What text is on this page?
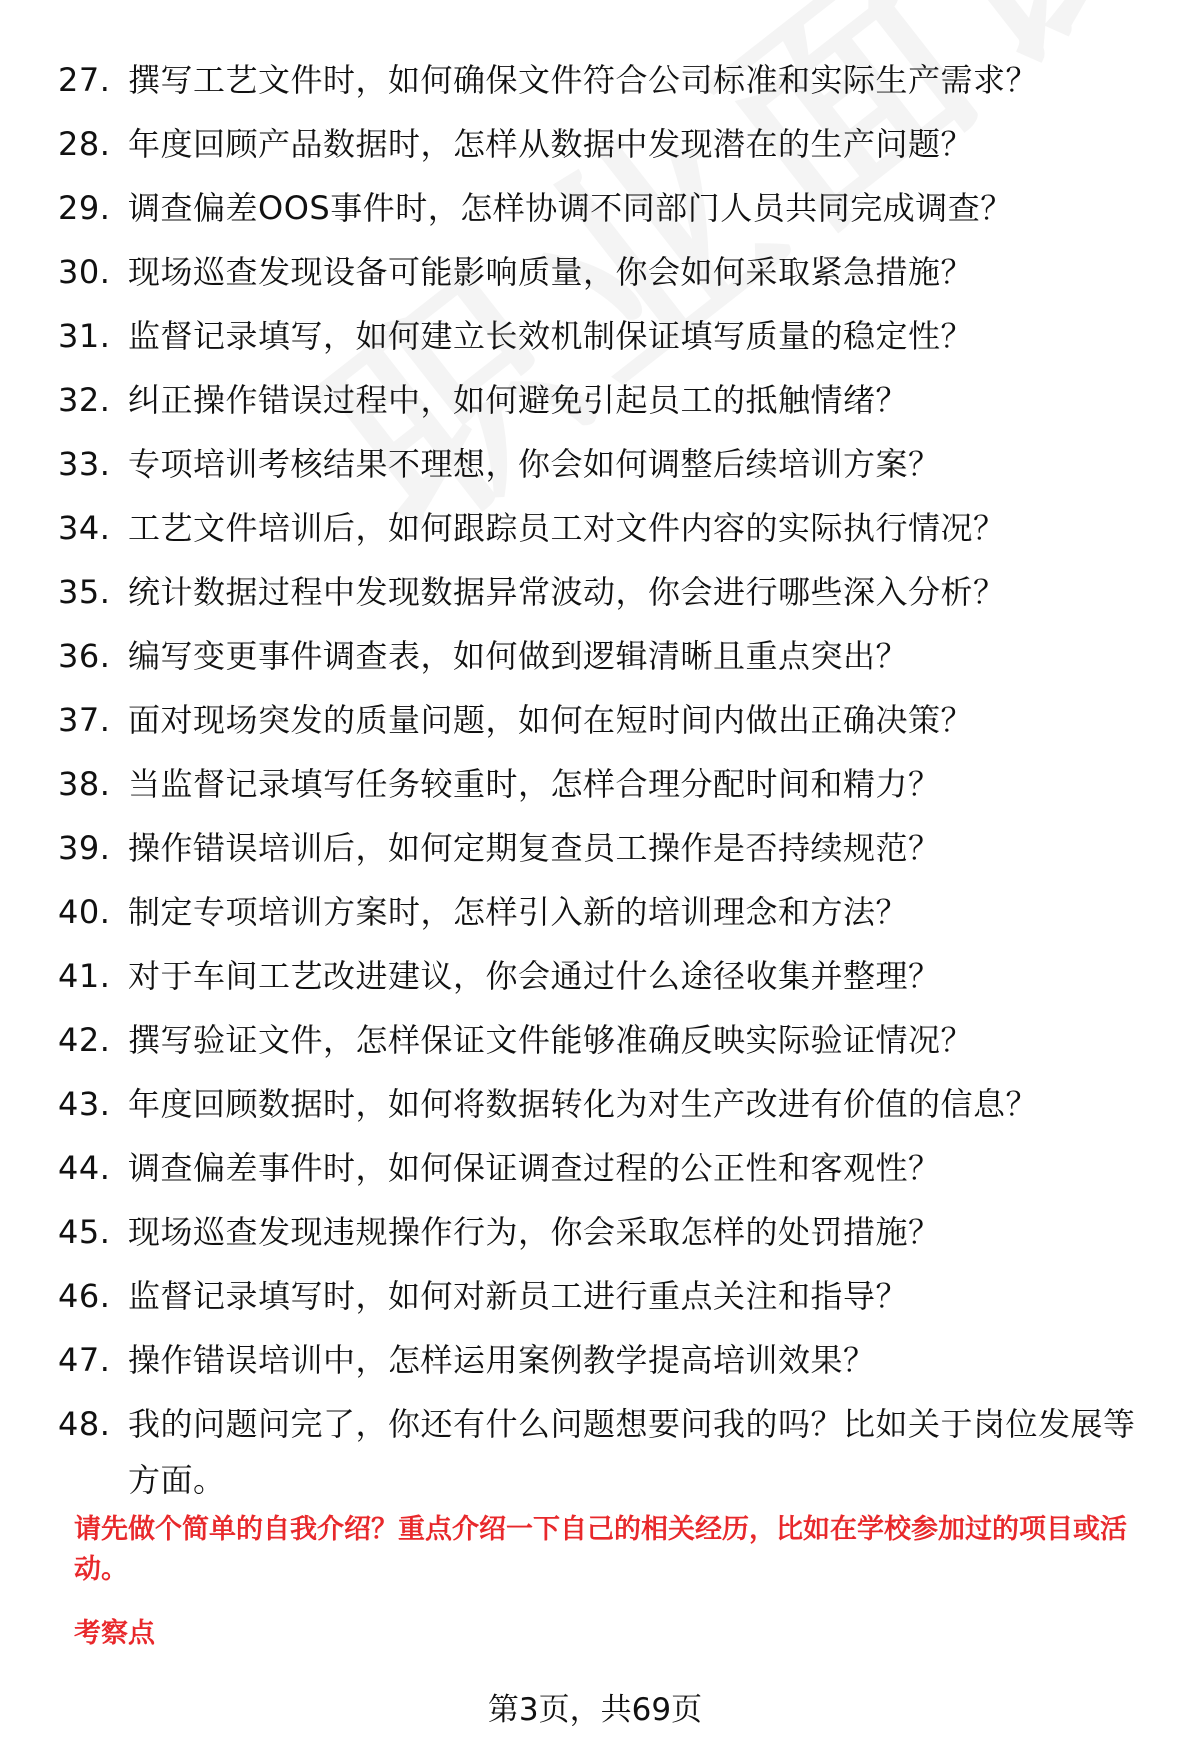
27. 撰写工艺文件时，如何确保文件符合公司标准和实际生产需求？
28. 年度回顾产品数据时，怎样从数据中发现潜在的生产问题？
29. 调查偏差OOS事件时，怎样协调不同部门人员共同完成调查？
30. 现场巡查发现设备可能影响质量，你会如何采取紧急措施？
31. 监督记录填写，如何建立长效机制保证填写质量的稳定性？
32. 纠正操作错误过程中，如何避免引起员工的抵触情绪？
33. 专项培训考核结果不理想，你会如何调整后续培训方案？
34. 工艺文件培训后，如何跟踪员工对文件内容的实际执行情况？
35. 统计数据过程中发现数据异常波动，你会进行哪些深入分析？
36. 编写变更事件调查表，如何做到逻辑清晰且重点突出？
37. 面对现场突发的质量问题，如何在短时间内做出正确决策？
38. 当监督记录填写任务较重时，怎样合理分配时间和精力？
39. 操作错误培训后，如何定期复查员工操作是否持续规范？
40. 制定专项培训方案时，怎样引入新的培训理念和方法？
41. 对于车间工艺改进建议，你会通过什么途径收集并整理？
42. 撰写验证文件，怎样保证文件能够准确反映实际验证情况？
43. 年度回顾数据时，如何将数据转化为对生产改进有价值的信息？
44. 调查偏差事件时，如何保证调查过程的公正性和客观性？
45. 现场巡查发现违规操作行为，你会采取怎样的处罚措施？
46. 监督记录填写时，如何对新员工进行重点关注和指导？
47. 操作错误培训中，怎样运用案例教学提高培训效果？
48. 我的问题问完了，你还有什么问题想要问我的吗？比如关于岗位发展等方面。

请先做个简单的自我介绍？重点介绍一下自己的相关经历，比如在学校参加过的项目或活动。

考察点

第3页，共69页
